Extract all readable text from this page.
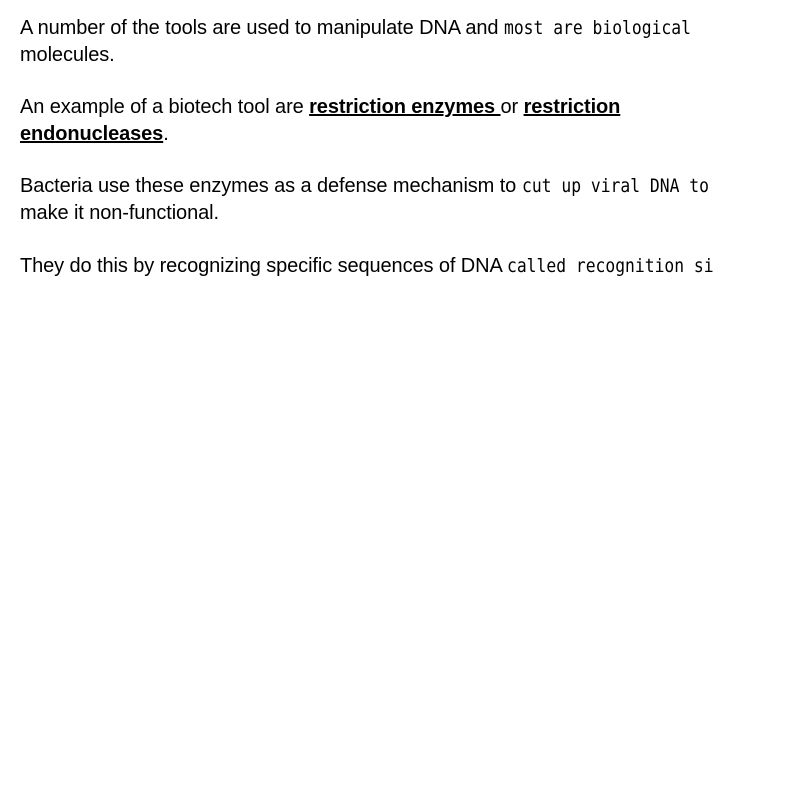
A number of the tools are used to manipulate DNA and most are biological
molecules.
An example of a biotech tool are restriction enzymes or restriction
endonucleases.
Bacteria use these enzymes as a defense mechanism to cut up viral DNA to
make it non-functional.
They do this by recognizing specific sequences of DNA called recognition si
